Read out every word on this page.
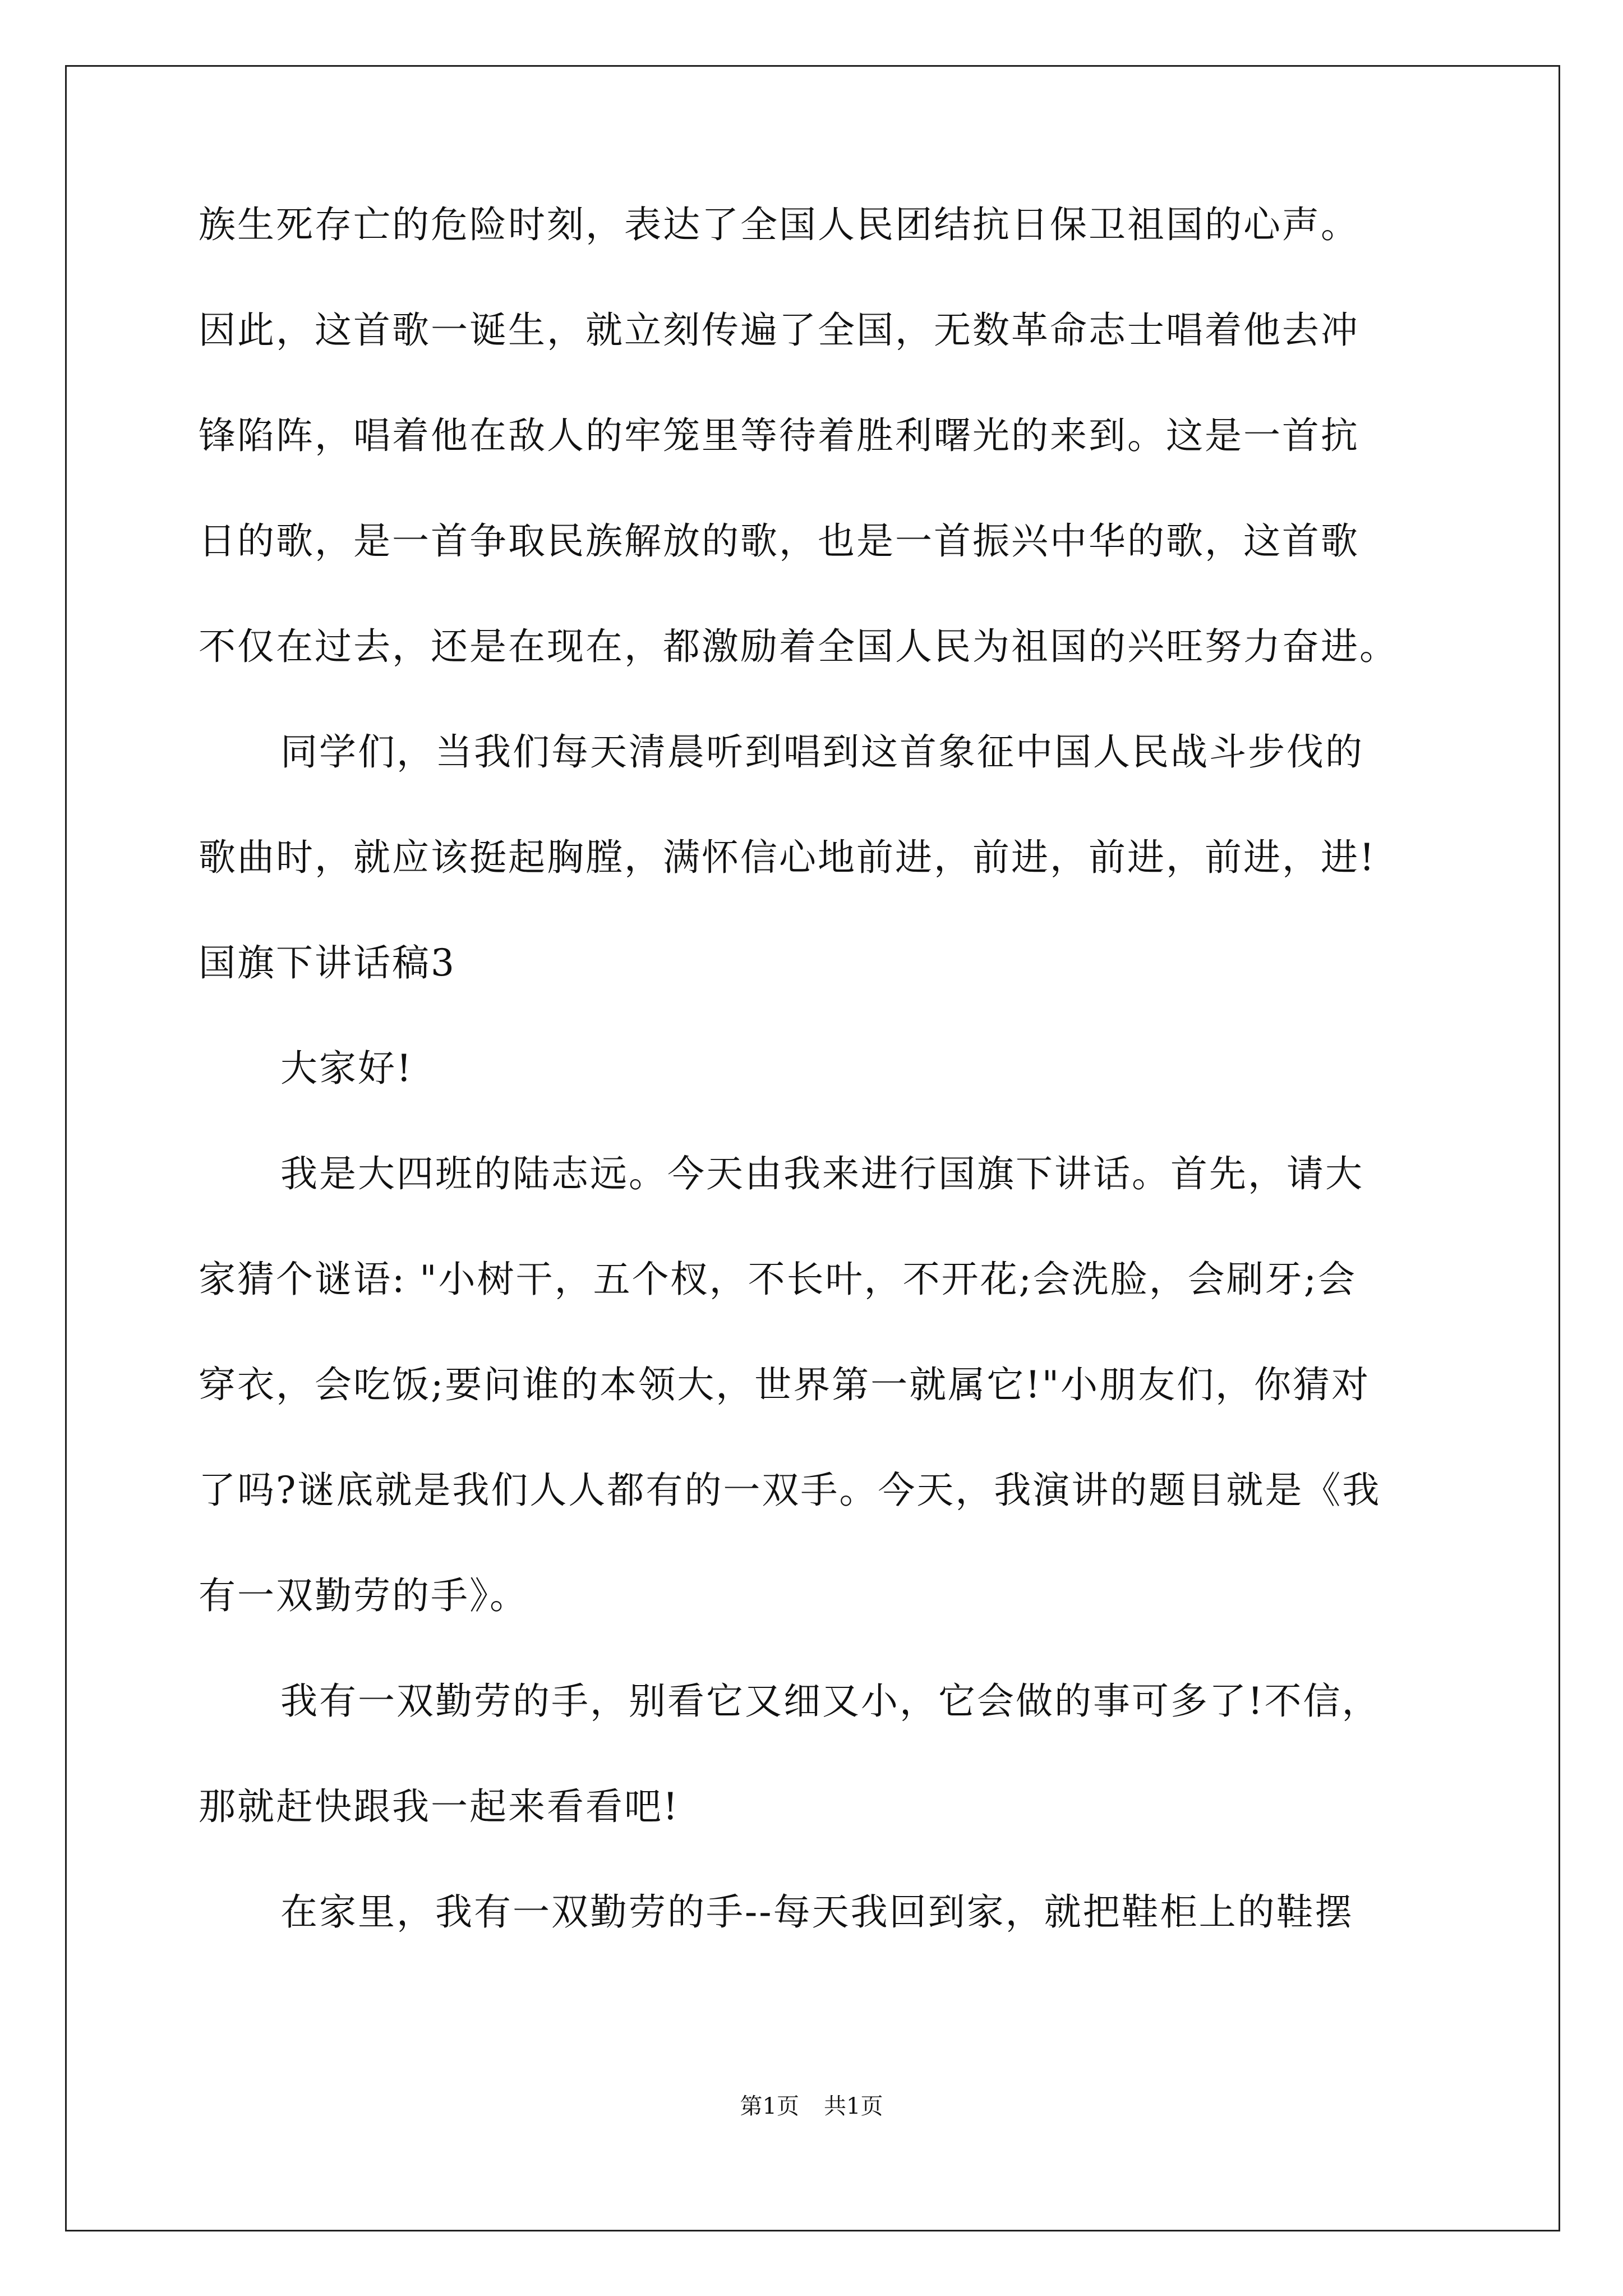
族生死存亡的危险时刻，表达了全国人民团结抗日保卫祖国的心声。
因此，这首歌一诞生，就立刻传遍了全国，无数革命志士唱着他去冲
锋陷阵，唱着他在敌人的牢笼里等待着胜利曙光的来到。这是一首抗
日的歌，是一首争取民族解放的歌，也是一首振兴中华的歌，这首歌
不仅在过去，还是在现在，都激励着全国人民为祖国的兴旺努力奋进。
同学们，当我们每天清晨听到唱到这首象征中国人民战斗步伐的
歌曲时，就应该挺起胸膛，满怀信心地前进，前进，前进，前进，进!
国旗下讲话稿3
大家好!
我是大四班的陆志远。今天由我来进行国旗下讲话。首先，请大
家猜个谜语: "小树干，五个杈，不长叶，不开花;会洗脸，会刷牙;会
穿衣，会吃饭;要问谁的本领大，世界第一就属它!"小朋友们，你猜对
了吗?谜底就是我们人人都有的一双手。今天，我演讲的题目就是《我
有一双勤劳的手》。
我有一双勤劳的手，别看它又细又小，它会做的事可多了!不信，
那就赶快跟我一起来看看吧!
在家里，我有一双勤劳的手--每天我回到家，就把鞋柜上的鞋摆
第1页 共1页
